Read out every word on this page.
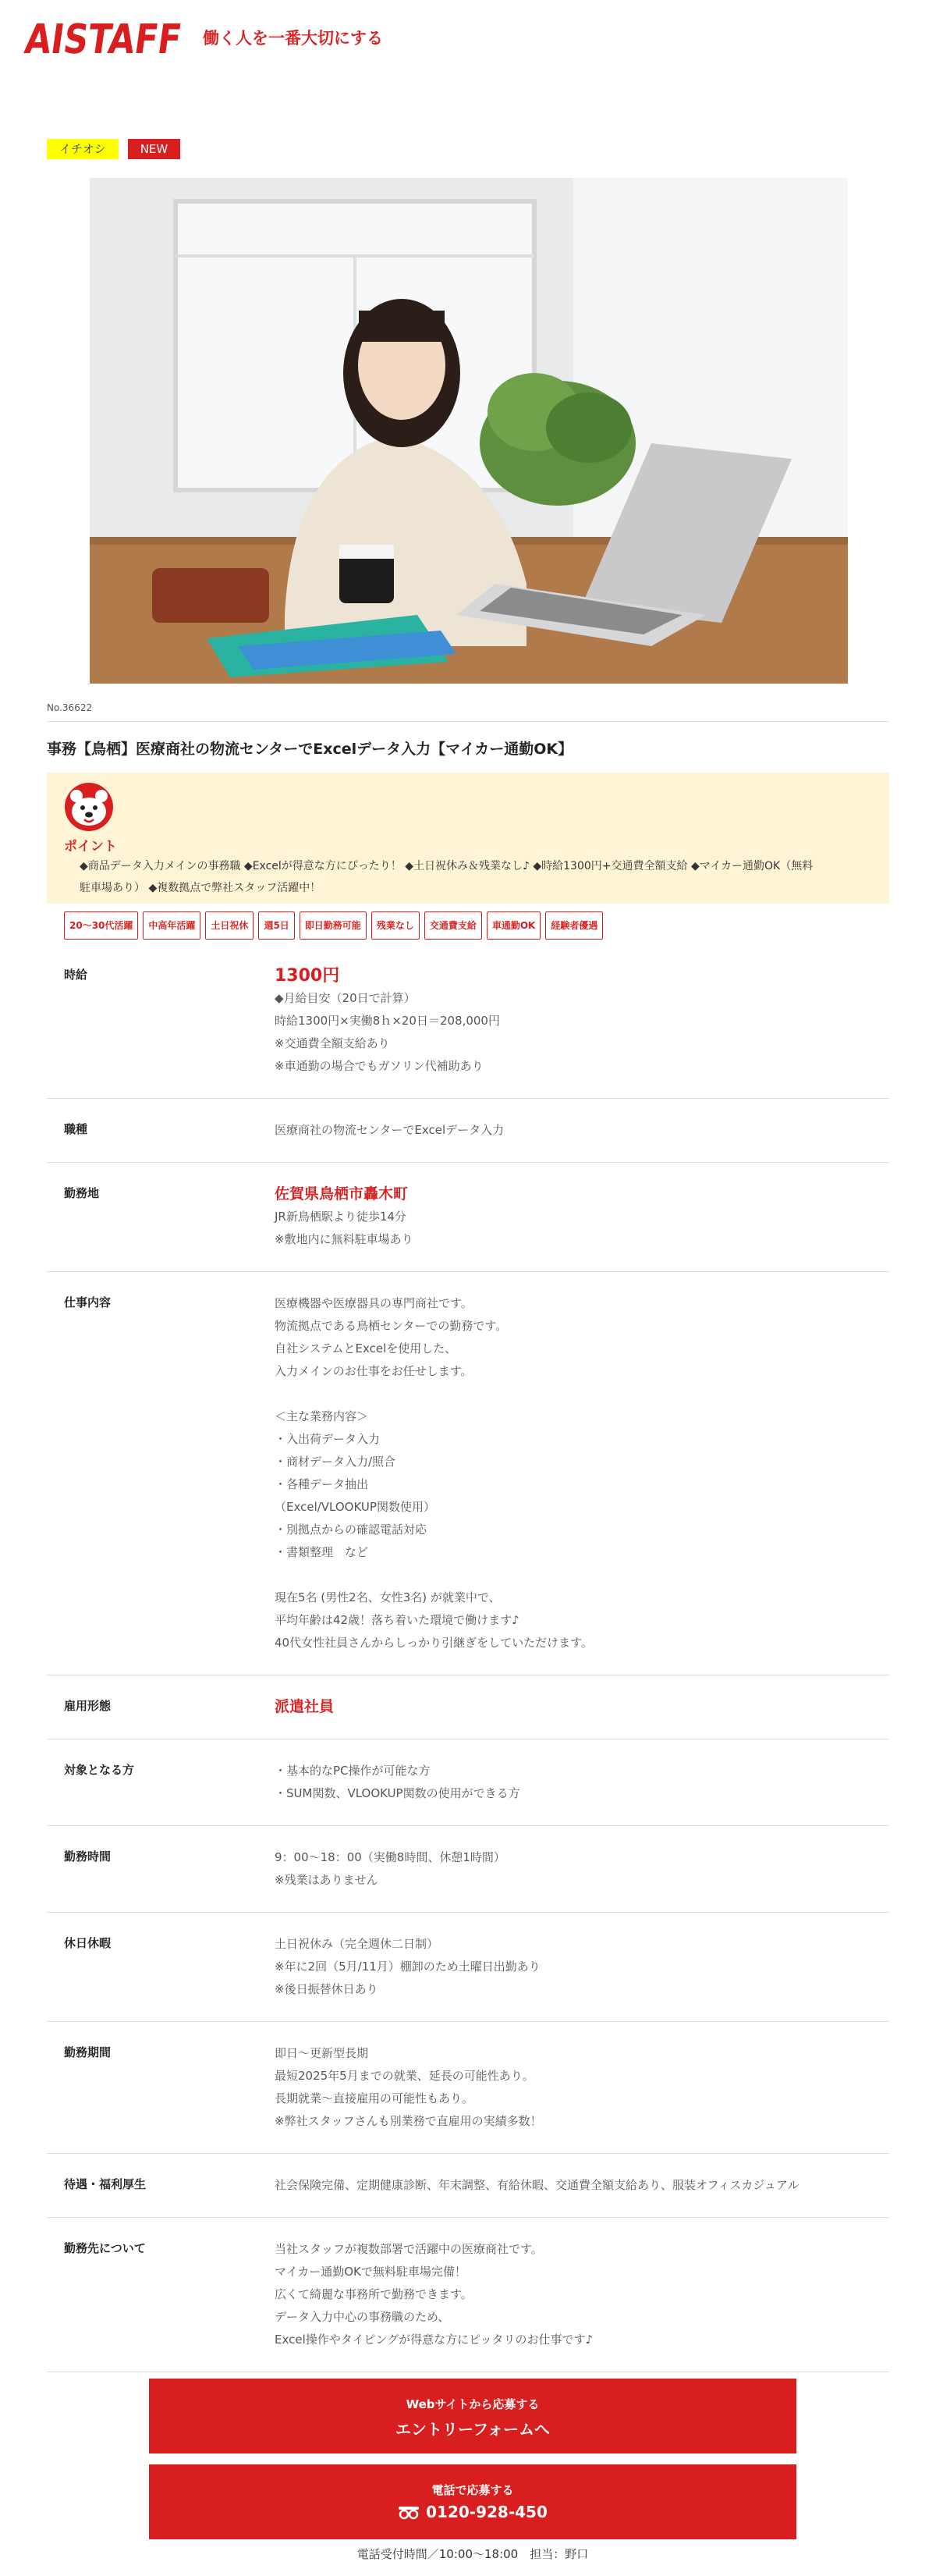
AISTAFF
働く人を一番大切にする
イチオシ	NEW
No.36622
事務【鳥栖】医療商社の物流センターでExcelデータ入力【マイカー通勤OK】
ポイント
◆商品データ入力メインの事務職 ◆Excelが得意な方にぴったり！ ◆土日祝休み＆残業なし♪ ◆時給1300円+交通費全額支給 ◆マイカー通勤OK（無料駐車場あり） ◆複数拠点で弊社スタッフ活躍中！
20～30代活躍	中高年活躍	土日祝休	週5日	即日勤務可能	残業なし	交通費支給	車通勤OK	経験者優遇
時給	1300円
◆月給目安（20日で計算）
時給1300円×実働8ｈ×20日＝208,000円
※交通費全額支給あり
※車通勤の場合でもガソリン代補助あり
職種	医療商社の物流センターでExcelデータ入力
勤務地	佐賀県鳥栖市轟木町
JR新鳥栖駅より徒歩14分
※敷地内に無料駐車場あり
仕事内容	医療機器や医療器具の専門商社です。
物流拠点である鳥栖センターでの勤務です。
自社システムとExcelを使用した、
入力メインのお仕事をお任せします。

＜主な業務内容＞
・入出荷データ入力
・商材データ入力/照合
・各種データ抽出
（Excel/VLOOKUP関数使用）
・別拠点からの確認電話対応
・書類整理　など

現在5名 (男性2名、女性3名) が就業中で、
平均年齢は42歳！落ち着いた環境で働けます♪
40代女性社員さんからしっかり引継ぎをしていただけます。
雇用形態	派遣社員
対象となる方	・基本的なPC操作が可能な方
・SUM関数、VLOOKUP関数の使用ができる方
勤務時間	9：00～18：00（実働8時間、休憩1時間）
※残業はありません
休日休暇	土日祝休み（完全週休二日制）
※年に2回（5月/11月）棚卸のため土曜日出勤あり
※後日振替休日あり
勤務期間	即日～更新型長期
最短2025年5月までの就業、延長の可能性あり。
長期就業～直接雇用の可能性もあり。
※弊社スタッフさんも別業務で直雇用の実績多数！
待遇・福利厚生	社会保険完備、定期健康診断、年末調整、有給休暇、交通費全額支給あり、服装オフィスカジュアル
勤務先について	当社スタッフが複数部署で活躍中の医療商社です。
マイカー通勤OKで無料駐車場完備！
広くて綺麗な事務所で勤務できます。
データ入力中心の事務職のため、
Excel操作やタイピングが得意な方にピッタリのお仕事です♪
Webサイトから応募する
エントリーフォームへ
電話で応募する
0120-928-450
電話受付時間／10:00～18:00　担当：野口
